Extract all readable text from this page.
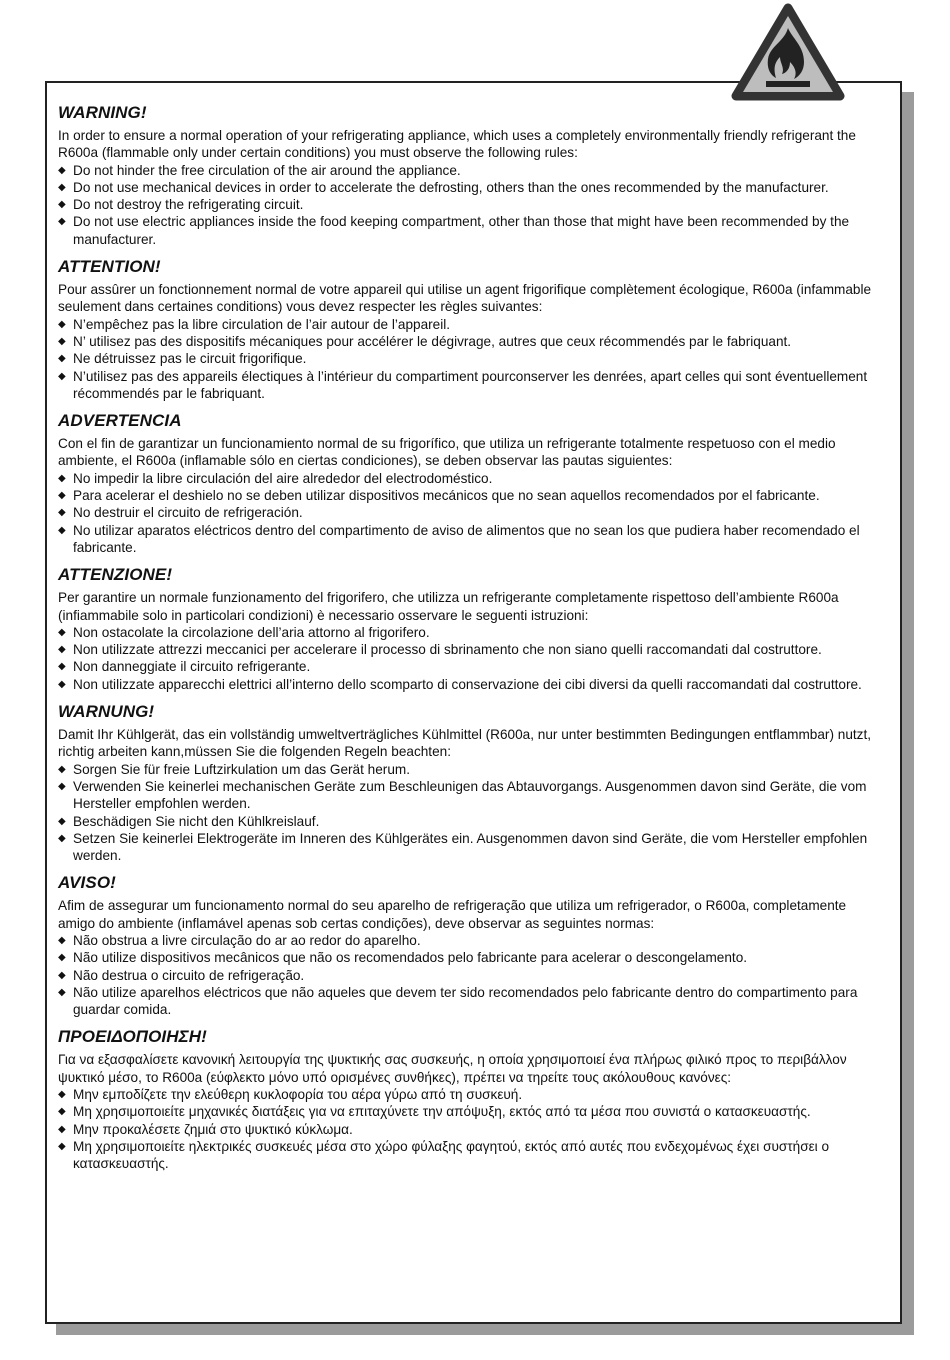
WARNING!

In order to ensure a normal operation of your refrigerating appliance, which uses a completely environmentally friendly refrigerant the R600a (flammable only under certain conditions) you must observe the following rules:

◆ Do not hinder the free circulation of the air around the appliance.
◆ Do not use mechanical devices in order to accelerate the defrosting, others than the ones recommended by the manufacturer.
◆ Do not destroy the refrigerating circuit.
◆ Do not use electric appliances inside the food keeping compartment, other than those that might have been recommended by the manufacturer.
ATTENTION!

Pour assûrer un fonctionnement normal de votre appareil qui utilise un agent frigorifique complètement écologique, R600a (infammable seulement dans certaines conditions) vous devez respecter les règles suivantes:

◆ N’empêchez pas la libre circulation de l’air autour de l’appareil.
◆ N’ utilisez pas des dispositifs mécaniques pour accélérer le dégivrage, autres que ceux récommendés par le fabriquant.
◆ Ne détruissez pas le circuit frigorifique.
◆ N’utilisez pas des appareils électiques à l’intérieur du compartiment pourconserver les denrées, apart celles qui sont éventuellement récommendés par le fabriquant.
ADVERTENCIA

Con el fin de garantizar un funcionamiento normal de su frigorífico, que utiliza un refrigerante totalmente respetuoso con el medio ambiente, el R600a (inflamable sólo en ciertas condiciones), se deben observar las pautas siguientes:

◆ No impedir la libre circulación del aire alrededor del electrodoméstico.
◆ Para acelerar el deshielo no se deben utilizar dispositivos mecánicos que no sean aquellos recomendados por el fabricante.
◆ No destruir el circuito de refrigeración.
◆ No utilizar aparatos eléctricos dentro del compartimento de aviso de alimentos que no sean los que pudiera haber recomendado el fabricante.
ATTENZIONE!

Per garantire un normale funzionamento del frigorifero, che utilizza un refrigerante completamente rispettoso dell’ambiente R600a (infiammabile solo in particolari condizioni) è necessario osservare le seguenti istruzioni:

◆ Non ostacolate la circolazione dell’aria attorno al frigorifero.
◆ Non utilizzate attrezzi meccanici per accelerare il processo di sbrinamento che non siano quelli raccomandati dal costruttore.
◆ Non danneggiate il circuito refrigerante.
◆ Non utilizzate apparecchi elettrici all’interno dello scomparto di conservazione dei cibi diversi da quelli raccomandati dal costruttore.
WARNUNG!

Damit Ihr Kühlgerät, das ein vollständig umweltverträgliches Kühlmittel (R600a, nur unter bestimmten Bedingungen entflammbar) nutzt, richtig arbeiten kann,müssen Sie die folgenden Regeln beachten:

◆ Sorgen Sie für freie Luftzirkulation um das Gerät herum.
◆ Verwenden Sie keinerlei mechanischen Geräte zum Beschleunigen das Abtauvorgangs. Ausgenommen davon sind Geräte, die vom Hersteller empfohlen werden.
◆ Beschädigen Sie nicht den Kühlkreislauf.
◆ Setzen Sie keinerlei Elektrogeräte im Inneren des Kühlgerätes ein. Ausgenommen davon sind Geräte, die vom Hersteller empfohlen werden.
AVISO!

Afim de assegurar um funcionamento normal do seu aparelho de refrigeração que utiliza um refrigerador, o R600a, completamente amigo do ambiente (inflamável apenas sob certas condições), deve observar as seguintes normas:

◆ Não obstrua a livre circulação do ar ao redor do aparelho.
◆ Não utilize dispositivos mecânicos que não os recomendados pelo fabricante para acelerar o descongelamento.
◆ Não destrua o circuito de refrigeração.
◆ Não utilize aparelhos eléctricos que não aqueles que devem ter sido recomendados pelo fabricante dentro do compartimento para guardar comida.
ΠΡΟΕΙΔΟΠΟΙΗΣΗ!

Για να εξασφαλίσετε κανονική λειτουργία της ψυκτικής σας συσκευής, η οποία χρησιμοποιεί ένα πλήρως φιλικό προς το περιβάλλον ψυκτικό μέσο, το R600a (εύφλεκτο μόνο υπό ορισμένες συνθήκες), πρέπει να τηρείτε τους ακόλουθους κανόνες:

◆ Μην εμποδίζετε την ελεύθερη κυκλοφορία του αέρα γύρω από τη συσκευή.
◆ Μη χρησιμοποιείτε μηχανικές διατάξεις για να επιταχύνετε την απόψυξη, εκτός από τα μέσα που συνιστά ο κατασκευαστής.
◆ Μην προκαλέσετε ζημιά στο ψυκτικό κύκλωμα.
◆ Μη χρησιμοποιείτε ηλεκτρικές συσκευές μέσα στο χώρο φύλαξης φαγητού, εκτός από αυτές που ενδεχομένως έχει συστήσει ο κατασκευαστής.
